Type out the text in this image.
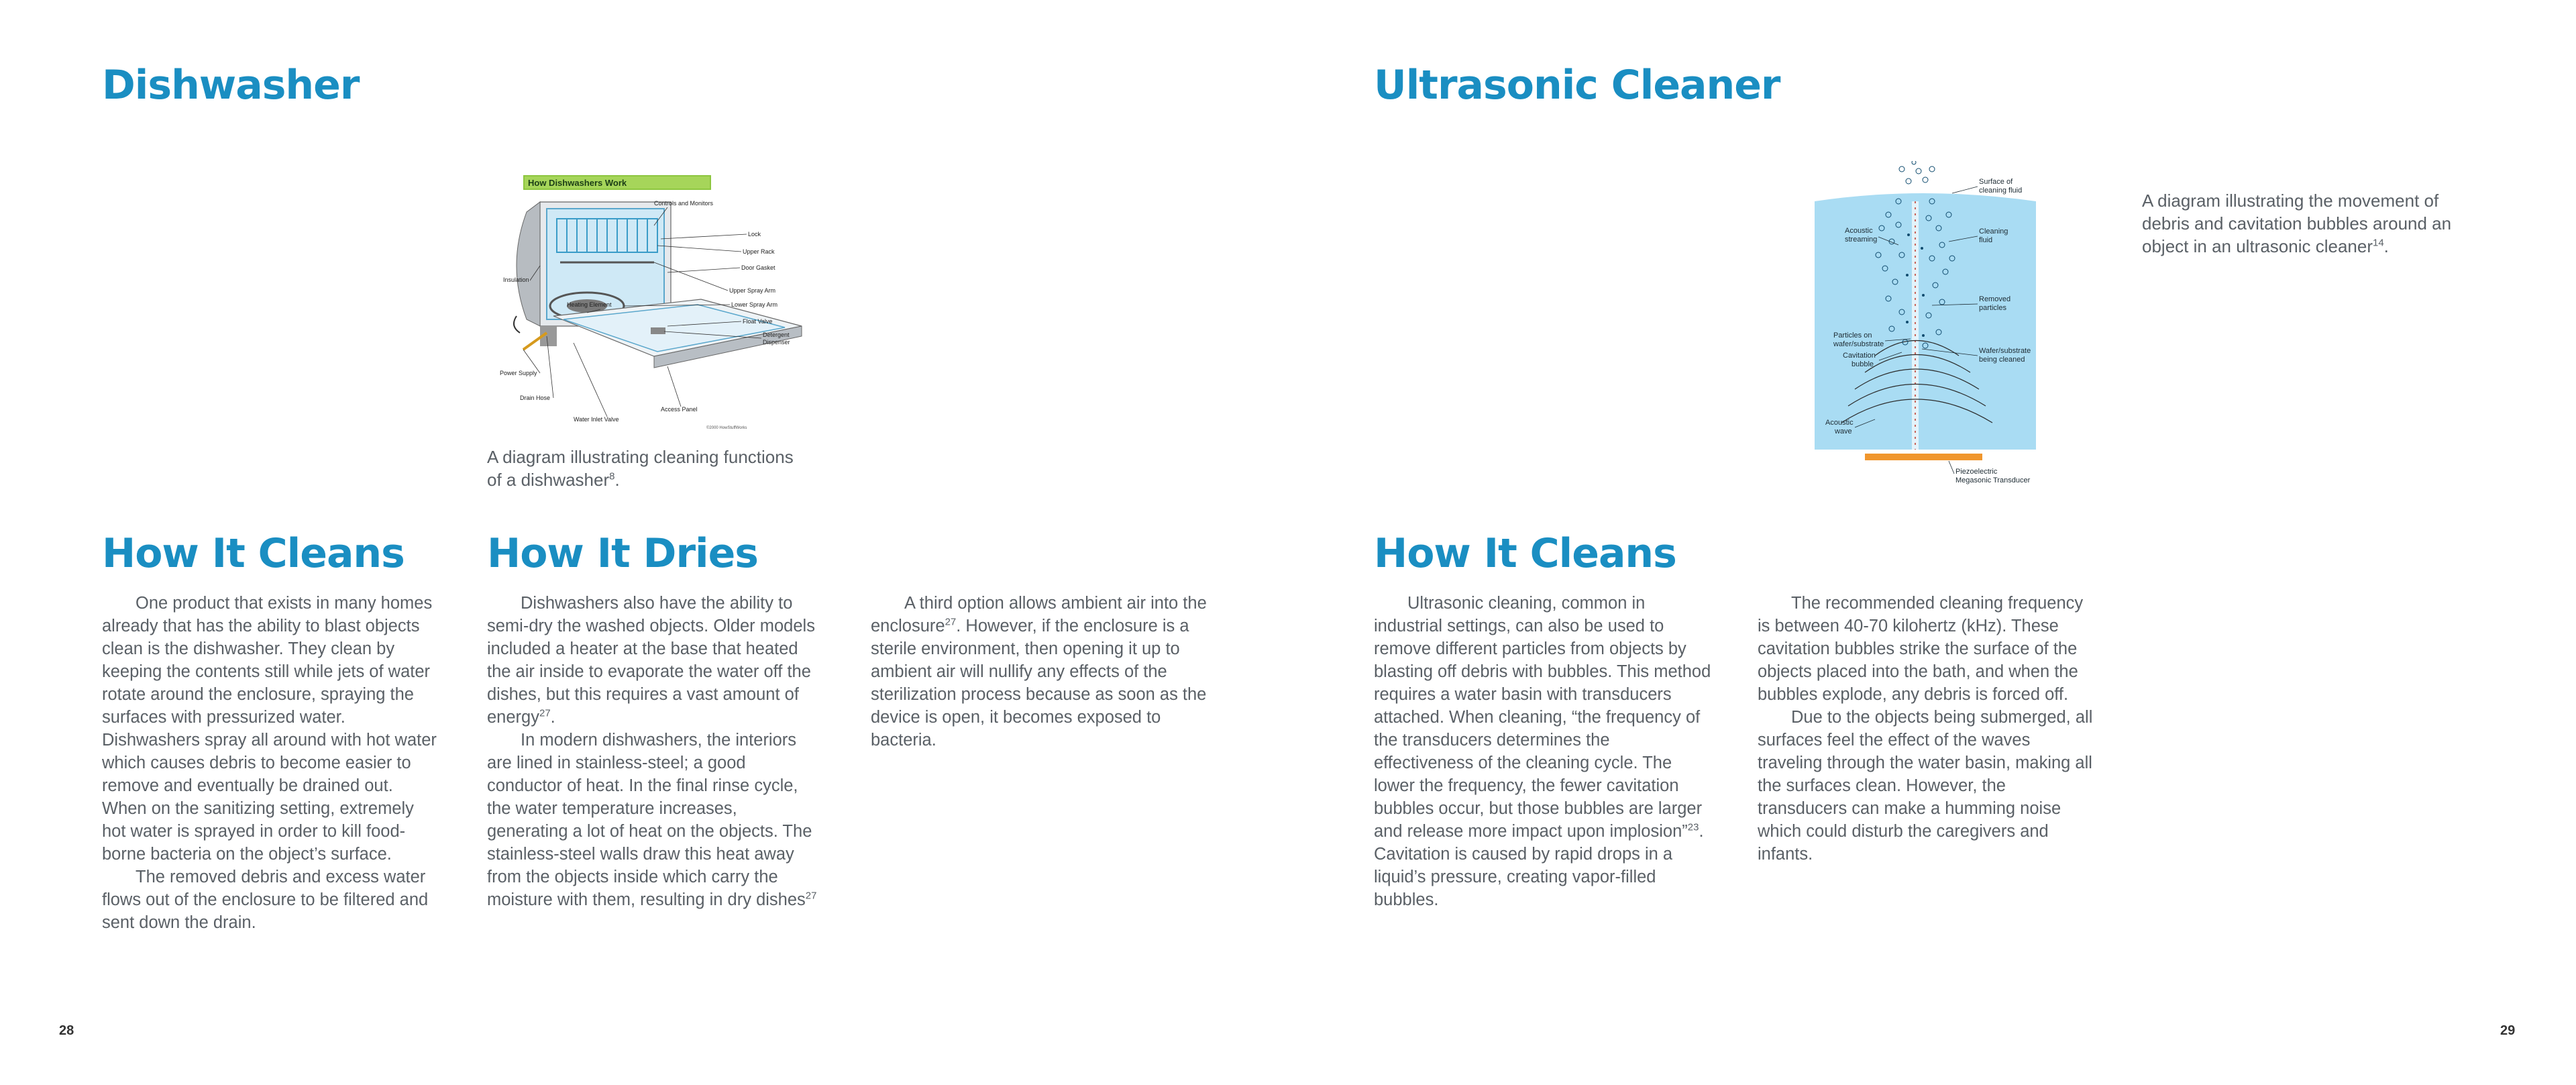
Dishwasher
How Dishwashers Work
Controls and Monitors
Lock
Upper Rack
Door Gasket
Upper Spray Arm
Lower Spray Arm
Float Valve
Detergent
Dispenser
Insulation
Heating Element
Power Supply
Drain Hose
Water Inlet Valve
Access Panel
©2000 HowStuffWorks
A diagram illustrating cleaning functions
of a dishwasher$^8$.
How It Cleans How It Dries

One product that exists in many homes already that has the ability to blast objects clean is the dishwasher. They clean by keeping the contents still while jets of water rotate around the enclosure, spraying the surfaces with pressurized water. Dishwashers spray all around with hot water which causes debris to become easier to remove and eventually be drained out. When on the sanitizing setting, extremely hot water is sprayed in order to kill food-borne bacteria on the object’s surface.

The removed debris and excess water flows out of the enclosure to be filtered and sent down the drain.

Dishwashers also have the ability to semi-dry the washed objects. Older models included a heater at the base that heated the air inside to evaporate the water off the dishes, but this requires a vast amount of energy$^{27}$.

In modern dishwashers, the interiors are lined in stainless-steel; a good conductor of heat. In the final rinse cycle, the water temperature increases, generating a lot of heat on the objects. The stainless-steel walls draw this heat away from the objects inside which carry the moisture with them, resulting in dry dishes$^{27}$

A third option allows ambient air into the enclosure$^{27}$. However, if the enclosure is a sterile environment, then opening it up to ambient air will nullify any effects of the sterilization process because as soon as the device is open, it becomes exposed to bacteria.

28
Ultrasonic Cleaner
Surface of
cleaning fluid
Acoustic
streaming
Cleaning
fluid
Removed
particles
Particles on
wafer/substrate
Cavitation
bubble
Wafer/substrate
being cleaned
Acoustic
wave
Piezoelectric
Megasonic Transducer
A diagram illustrating the movement of debris and cavitation bubbles around an object in an ultrasonic cleaner$^{14}$.
How It Cleans

Ultrasonic cleaning, common in industrial settings, can also be used to remove different particles from objects by blasting off debris with bubbles. This method requires a water basin with transducers attached. When cleaning, “the frequency of the transducers determines the effectiveness of the cleaning cycle. The lower the frequency, the fewer cavitation bubbles occur, but those bubbles are larger and release more impact upon implosion”$^{23}$. Cavitation is caused by rapid drops in a liquid’s pressure, creating vapor-filled bubbles.

The recommended cleaning frequency is between 40-70 kilohertz (kHz). These cavitation bubbles strike the surface of the objects placed into the bath, and when the bubbles explode, any debris is forced off.

Due to the objects being submerged, all surfaces feel the effect of the waves traveling through the water basin, making all the surfaces clean. However, the transducers can make a humming noise which could disturb the caregivers and infants.

29
